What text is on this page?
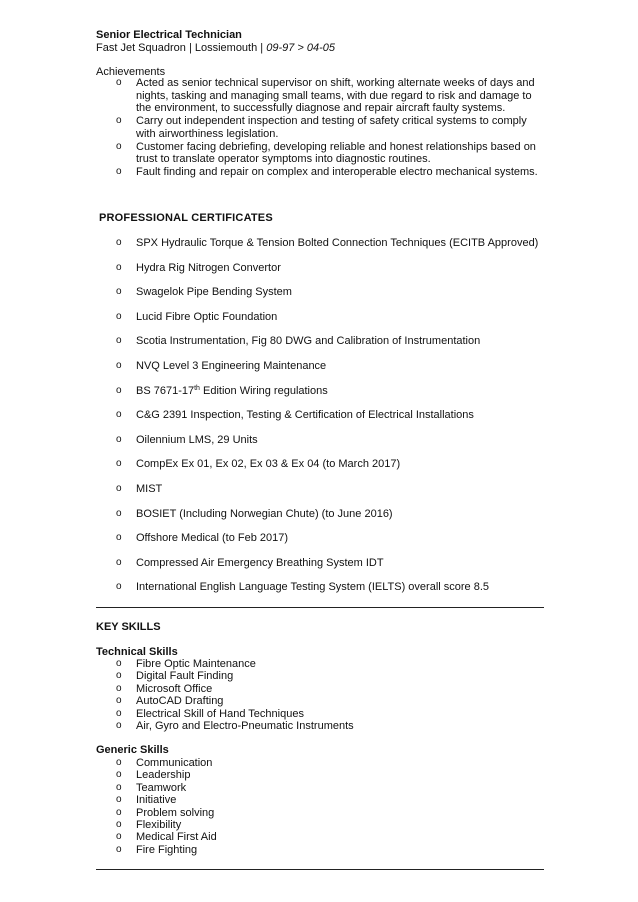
Senior Electrical Technician
Fast Jet Squadron | Lossiemouth | 09-97 > 04-05
Achievements
o Acted as senior technical supervisor on shift, working alternate weeks of days and nights, tasking and managing small teams, with due regard to risk and damage to the environment, to successfully diagnose and repair aircraft faulty systems.
o Carry out independent inspection and testing of safety critical systems to comply with airworthiness legislation.
o Customer facing debriefing, developing reliable and honest relationships based on trust to translate operator symptoms into diagnostic routines.
o Fault finding and repair on complex and interoperable electro mechanical systems.
PROFESSIONAL CERTIFICATES
o SPX Hydraulic Torque & Tension Bolted Connection Techniques (ECITB Approved)
o Hydra Rig Nitrogen Convertor
o Swagelok Pipe Bending System
o Lucid Fibre Optic Foundation
o Scotia Instrumentation, Fig 80 DWG and Calibration of Instrumentation
o NVQ Level 3 Engineering Maintenance
o BS 7671-17th Edition Wiring regulations
o C&G 2391 Inspection, Testing & Certification of Electrical Installations
o Oilennium LMS, 29 Units
o CompEx Ex 01, Ex 02, Ex 03 & Ex 04 (to March 2017)
o MIST
o BOSIET (Including Norwegian Chute) (to June 2016)
o Offshore Medical (to Feb 2017)
o Compressed Air Emergency Breathing System IDT
o International English Language Testing System (IELTS) overall score 8.5
KEY SKILLS
Technical Skills
o Fibre Optic Maintenance
o Digital Fault Finding
o Microsoft Office
o AutoCAD Drafting
o Electrical Skill of Hand Techniques
o Air, Gyro and Electro-Pneumatic Instruments
Generic Skills
o Communication
o Leadership
o Teamwork
o Initiative
o Problem solving
o Flexibility
o Medical First Aid
o Fire Fighting
